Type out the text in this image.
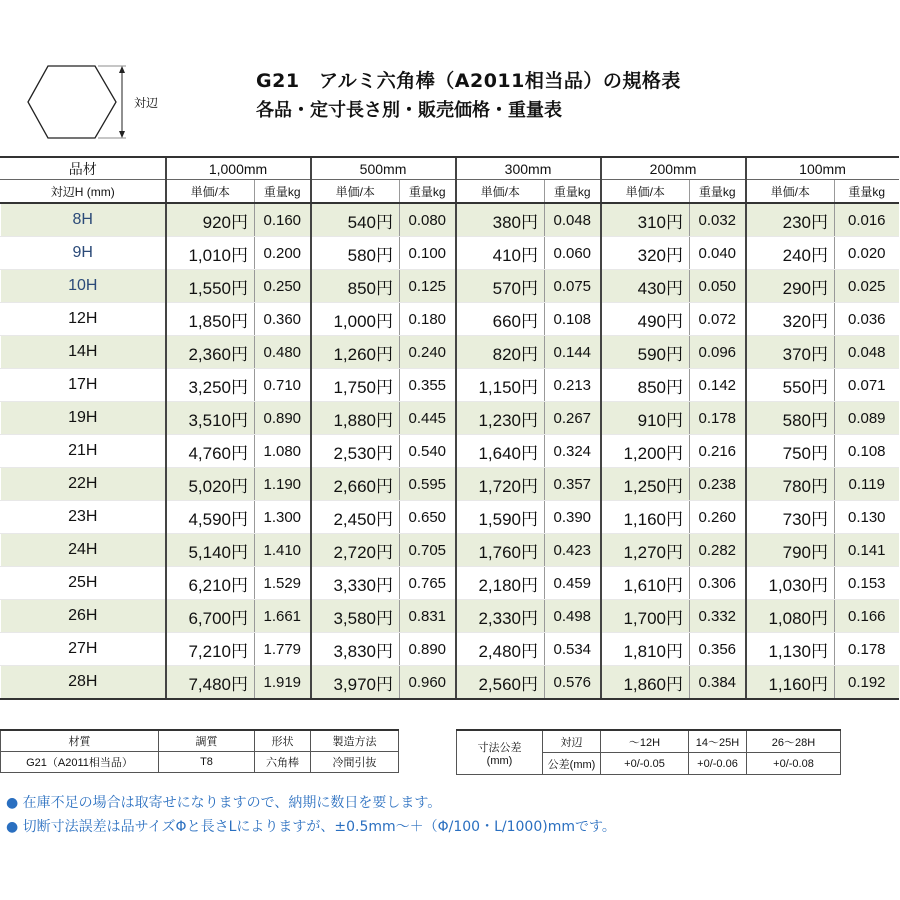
対辺
G21　アルミ六角棒（A2011相当品）の規格表
各品・定寸長さ別・販売価格・重量表
品材	1,000mm		500mm		300mm		200mm		100mm	
対辺H (mm)	単価/本	重量kg	単価/本	重量kg	単価/本	重量kg	単価/本	重量kg	単価/本	重量kg
8H	920円	0.160	540円	0.080	380円	0.048	310円	0.032	230円	0.016
9H	1,010円	0.200	580円	0.100	410円	0.060	320円	0.040	240円	0.020
10H	1,550円	0.250	850円	0.125	570円	0.075	430円	0.050	290円	0.025
12H	1,850円	0.360	1,000円	0.180	660円	0.108	490円	0.072	320円	0.036
14H	2,360円	0.480	1,260円	0.240	820円	0.144	590円	0.096	370円	0.048
17H	3,250円	0.710	1,750円	0.355	1,150円	0.213	850円	0.142	550円	0.071
19H	3,510円	0.890	1,880円	0.445	1,230円	0.267	910円	0.178	580円	0.089
21H	4,760円	1.080	2,530円	0.540	1,640円	0.324	1,200円	0.216	750円	0.108
22H	5,020円	1.190	2,660円	0.595	1,720円	0.357	1,250円	0.238	780円	0.119
23H	4,590円	1.300	2,450円	0.650	1,590円	0.390	1,160円	0.260	730円	0.130
24H	5,140円	1.410	2,720円	0.705	1,760円	0.423	1,270円	0.282	790円	0.141
25H	6,210円	1.529	3,330円	0.765	2,180円	0.459	1,610円	0.306	1,030円	0.153
26H	6,700円	1.661	3,580円	0.831	2,330円	0.498	1,700円	0.332	1,080円	0.166
27H	7,210円	1.779	3,830円	0.890	2,480円	0.534	1,810円	0.356	1,130円	0.178
28H	7,480円	1.919	3,970円	0.960	2,560円	0.576	1,860円	0.384	1,160円	0.192
材質	調質	形状	製造方法
G21（A2011相当品）	T8	六角棒	冷間引抜
寸法公差
(mm)	対辺	～12H	14～25H	26～28H
	公差(mm)	+0/-0.05	+0/-0.06	+0/-0.08
● 在庫不足の場合は取寄せになりますので、納期に数日を要します。
● 切断寸法誤差は品サイズΦと長さLによりますが、±0.5mm～＋（Φ/100・L/1000)mmです。
